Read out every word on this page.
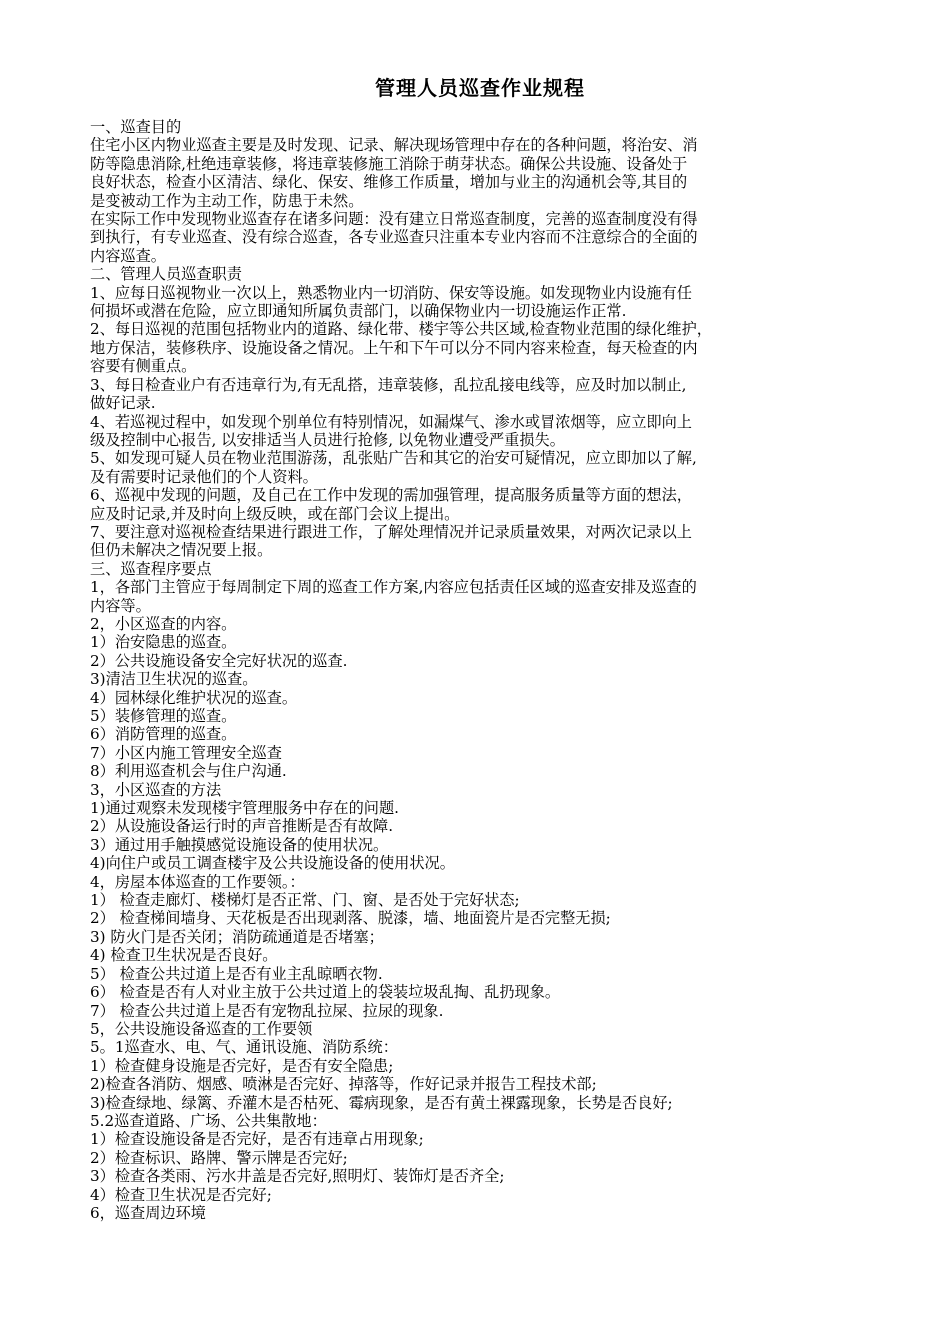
管理人员巡查作业规程
一、巡查目的
住宅小区内物业巡查主要是及时发现、记录、解决现场管理中存在的各种问题，将治安、消
防等隐患消除,杜绝违章装修，将违章装修施工消除于萌芽状态。确保公共设施、设备处于
良好状态，检查小区清洁、绿化、保安、维修工作质量，增加与业主的沟通机会等,其目的
是变被动工作为主动工作，防患于未然。
在实际工作中发现物业巡查存在诸多问题：没有建立日常巡查制度，完善的巡查制度没有得
到执行，有专业巡查、没有综合巡查，各专业巡查只注重本专业内容而不注意综合的全面的
内容巡查。
二、管理人员巡查职责
1、应每日巡视物业一次以上，熟悉物业内一切消防、保安等设施。如发现物业内设施有任
何损坏或潜在危险，应立即通知所属负责部门，以确保物业内一切设施运作正常.
2、每日巡视的范围包括物业内的道路、绿化带、楼宇等公共区域,检查物业范围的绿化维护，
地方保洁，装修秩序、设施设备之情况。上午和下午可以分不同内容来检查，每天检查的内
容要有侧重点。
3、每日检查业户有否违章行为,有无乱搭，违章装修，乱拉乱接电线等，应及时加以制止,
做好记录.
4、若巡视过程中，如发现个别单位有特别情况，如漏煤气、渗水或冒浓烟等，应立即向上
级及控制中心报告, 以安排适当人员进行抢修, 以免物业遭受严重损失。
5、如发现可疑人员在物业范围游荡，乱张贴广告和其它的治安可疑情况，应立即加以了解,
及有需要时记录他们的个人资料。
6、巡视中发现的问题，及自己在工作中发现的需加强管理，提高服务质量等方面的想法，
应及时记录,并及时向上级反映，或在部门会议上提出。
7、要注意对巡视检查结果进行跟进工作，了解处理情况并记录质量效果，对两次记录以上
但仍未解决之情况要上报。
三、巡查程序要点
1，各部门主管应于每周制定下周的巡查工作方案,内容应包括责任区域的巡查安排及巡查的
内容等。
2，小区巡查的内容。
1）治安隐患的巡查。
2）公共设施设备安全完好状况的巡查.
3)清洁卫生状况的巡查。
4）园林绿化维护状况的巡查。
5）装修管理的巡查。
6）消防管理的巡查。
7）小区内施工管理安全巡查
8）利用巡查机会与住户沟通.
3，小区巡查的方法
1)通过观察未发现楼宇管理服务中存在的问题.
2）从设施设备运行时的声音推断是否有故障.
3）通过用手触摸感觉设施设备的使用状况。
4)向住户或员工调查楼宇及公共设施设备的使用状况。
4，房屋本体巡查的工作要领。：
1） 检查走廊灯、楼梯灯是否正常、门、窗、是否处于完好状态;
2） 检查梯间墙身、天花板是否出现剥落、脱漆，墙、地面瓷片是否完整无损;
3) 防火门是否关闭；消防疏通道是否堵塞；
4) 检查卫生状况是否良好。
5） 检查公共过道上是否有业主乱晾晒衣物.
6） 检查是否有人对业主放于公共过道上的袋装垃圾乱掏、乱扔现象。
7） 检查公共过道上是否有宠物乱拉屎、拉尿的现象.
5，公共设施设备巡查的工作要领
5。1巡查水、电、气、通讯设施、消防系统：
1）检查健身设施是否完好，是否有安全隐患;
2)检查各消防、烟感、喷淋是否完好、掉落等，作好记录并报告工程技术部;
3)检查绿地、绿篱、乔灌木是否枯死、霉病现象，是否有黄土裸露现象，长势是否良好;
5.2巡查道路、广场、公共集散地：
1）检查设施设备是否完好，是否有违章占用现象;
2）检查标识、路牌、警示牌是否完好;
3）检查各类雨、污水井盖是否完好,照明灯、装饰灯是否齐全;
4）检查卫生状况是否完好;
6，巡查周边环境
